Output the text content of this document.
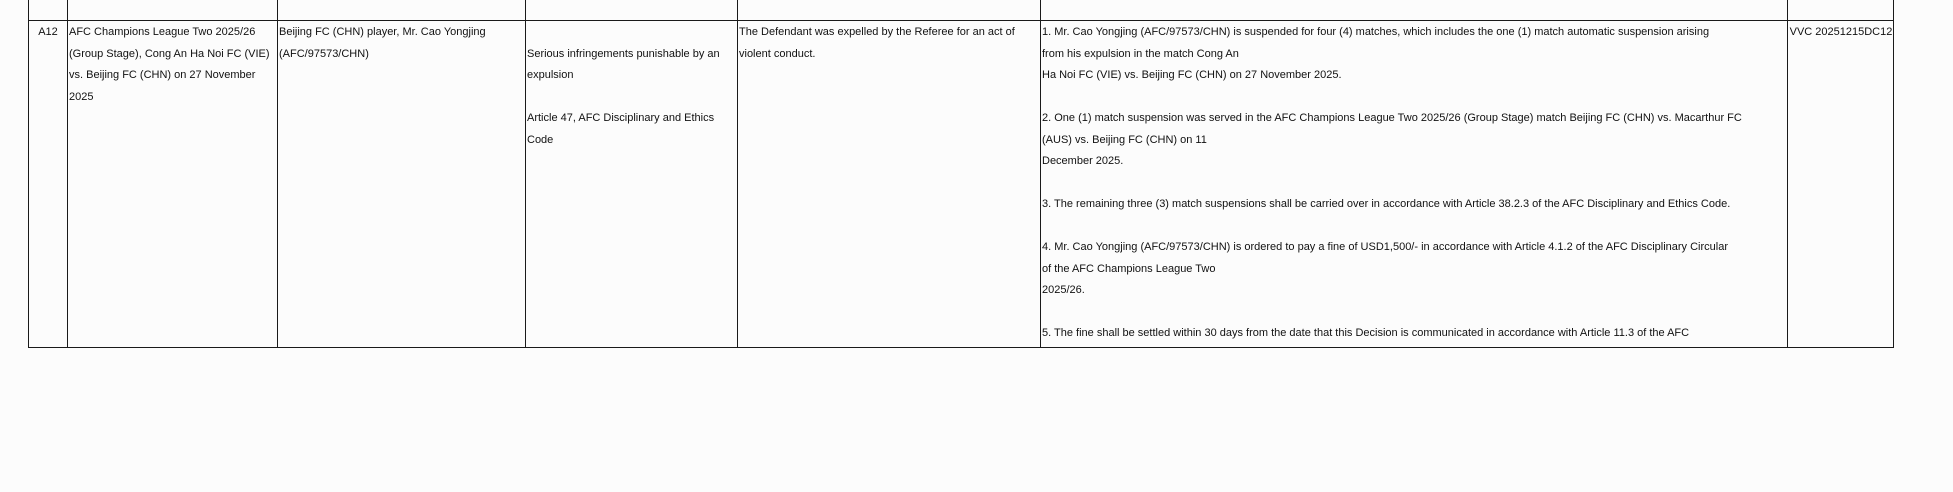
A12	AFC Champions League Two 2025/26
(Group Stage), Cong An Ha Noi FC (VIE)
vs. Beijing FC (CHN) on 27 November
2025
Beijing FC (CHN) player, Mr. Cao Yongjing
(AFC/97573/CHN)	Serious infringements punishable by an
expulsion

Article 47, AFC Disciplinary and Ethics
Code

The Defendant was expelled by the Referee for an act of
violent conduct.
1. Mr. Cao Yongjing (AFC/97573/CHN) is suspended for four (4) matches, which includes the one (1) match automatic suspension arising
from his expulsion in the match Cong An
Ha Noi FC (VIE) vs. Beijing FC (CHN) on 27 November 2025.
2. One (1) match suspension was served in the AFC Champions League Two 2025/26 (Group Stage) match Beijing FC (CHN) vs. Macarthur FC
(AUS) vs. Beijing FC (CHN) on 11
December 2025.
3. The remaining three (3) match suspensions shall be carried over in accordance with Article 38.2.3 of the AFC Disciplinary and Ethics Code.
4. Mr. Cao Yongjing (AFC/97573/CHN) is ordered to pay a fine of USD1,500/- in accordance with Article 4.1.2 of the AFC Disciplinary Circular
of the AFC Champions League Two
2025/26.
5. The fine shall be settled within 30 days from the date that this Decision is communicated in accordance with Article 11.3 of the AFC
VVC 20251215DC12
